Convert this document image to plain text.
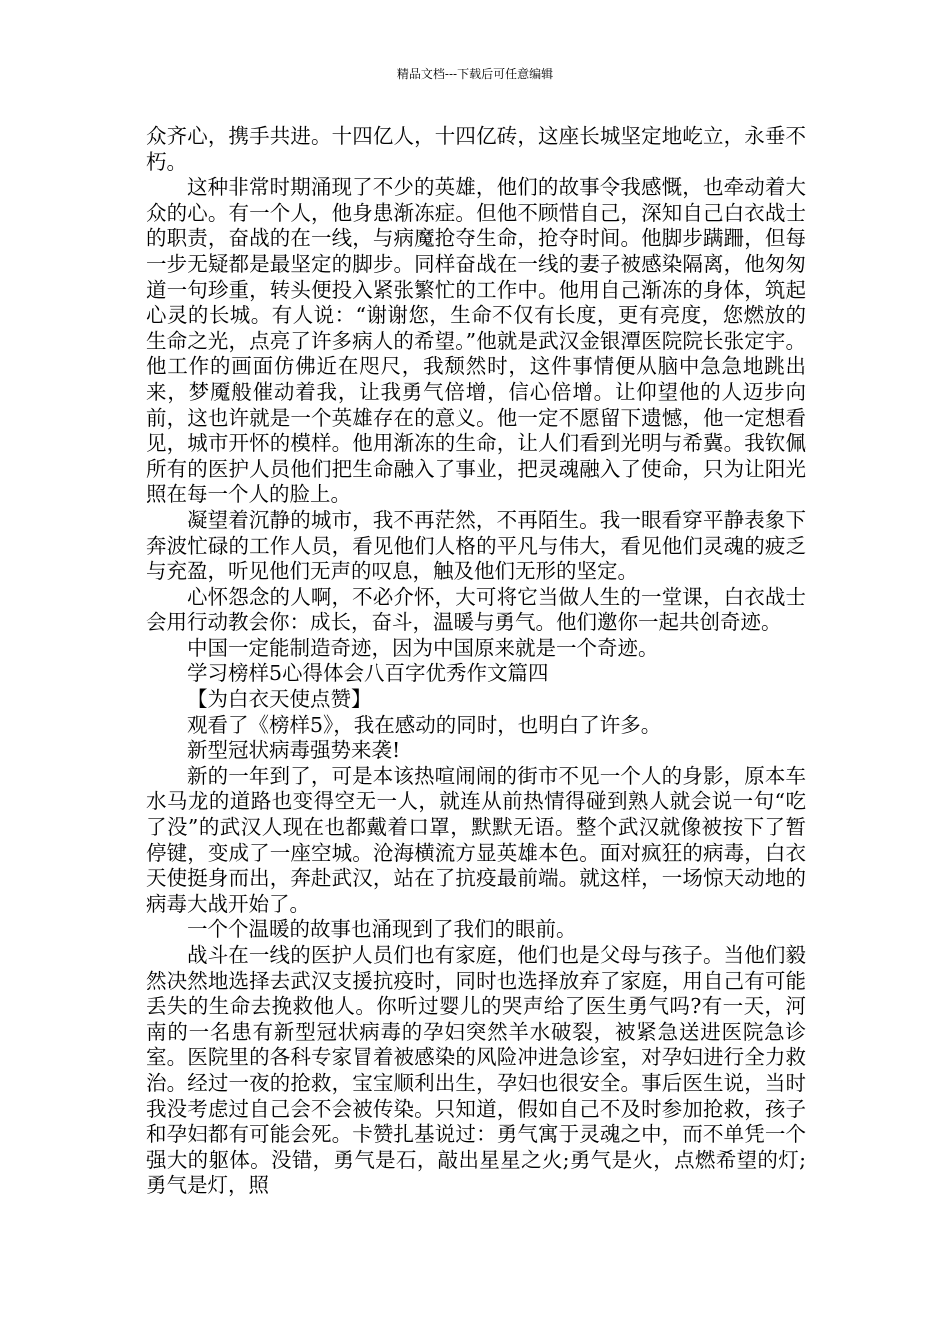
精品文档---下载后可任意编辑

众齐心，携手共进。十四亿人，十四亿砖，这座长城坚定地屹立，永垂不朽。

这种非常时期涌现了不少的英雄，他们的故事令我感慨，也牵动着大众的心。有一个人，他身患渐冻症。但他不顾惜自己，深知自己白衣战士的职责，奋战的在一线，与病魔抢夺生命，抢夺时间。他脚步蹒跚，但每一步无疑都是最坚定的脚步。同样奋战在一线的妻子被感染隔离，他匆匆道一句珍重，转头便投入紧张繁忙的工作中。他用自己渐冻的身体，筑起心灵的长城。有人说：“谢谢您，生命不仅有长度，更有亮度，您燃放的生命之光，点亮了许多病人的希望。”他就是武汉金银潭医院院长张定宇。他工作的画面仿佛近在咫尺，我颓然时，这件事情便从脑中急急地跳出来，梦魇般催动着我，让我勇气倍增，信心倍增。让仰望他的人迈步向前，这也许就是一个英雄存在的意义。他一定不愿留下遗憾，他一定想看见，城市开怀的模样。他用渐冻的生命，让人们看到光明与希冀。我钦佩所有的医护人员他们把生命融入了事业，把灵魂融入了使命，只为让阳光照在每一个人的脸上。

凝望着沉静的城市，我不再茫然，不再陌生。我一眼看穿平静表象下奔波忙碌的工作人员，看见他们人格的平凡与伟大，看见他们灵魂的疲乏与充盈，听见他们无声的叹息，触及他们无形的坚定。

心怀怨念的人啊，不必介怀，大可将它当做人生的一堂课，白衣战士会用行动教会你：成长，奋斗，温暖与勇气。他们邀你一起共创奇迹。

中国一定能制造奇迹，因为中国原来就是一个奇迹。

学习榜样5心得体会八百字优秀作文篇四

【为白衣天使点赞】

观看了《榜样5》，我在感动的同时，也明白了许多。

新型冠状病毒强势来袭!

新的一年到了，可是本该热喧闹闹的街市不见一个人的身影，原本车水马龙的道路也变得空无一人，就连从前热情得碰到熟人就会说一句“吃了没”的武汉人现在也都戴着口罩，默默无语。整个武汉就像被按下了暂停键，变成了一座空城。沧海横流方显英雄本色。面对疯狂的病毒，白衣天使挺身而出，奔赴武汉，站在了抗疫最前端。就这样，一场惊天动地的病毒大战开始了。

一个个温暖的故事也涌现到了我们的眼前。

战斗在一线的医护人员们也有家庭，他们也是父母与孩子。当他们毅然决然地选择去武汉支援抗疫时，同时也选择放弃了家庭，用自己有可能丢失的生命去挽救他人。你听过婴儿的哭声给了医生勇气吗?有一天，河南的一名患有新型冠状病毒的孕妇突然羊水破裂，被紧急送进医院急诊室。医院里的各科专家冒着被感染的风险冲进急诊室，对孕妇进行全力救治。经过一夜的抢救，宝宝顺利出生，孕妇也很安全。事后医生说，当时我没考虑过自己会不会被传染。只知道，假如自己不及时参加抢救，孩子和孕妇都有可能会死。卡赞扎基说过：勇气寓于灵魂之中，而不单凭一个强大的躯体。没错，勇气是石，敲出星星之火;勇气是火，点燃希望的灯;勇气是灯，照
